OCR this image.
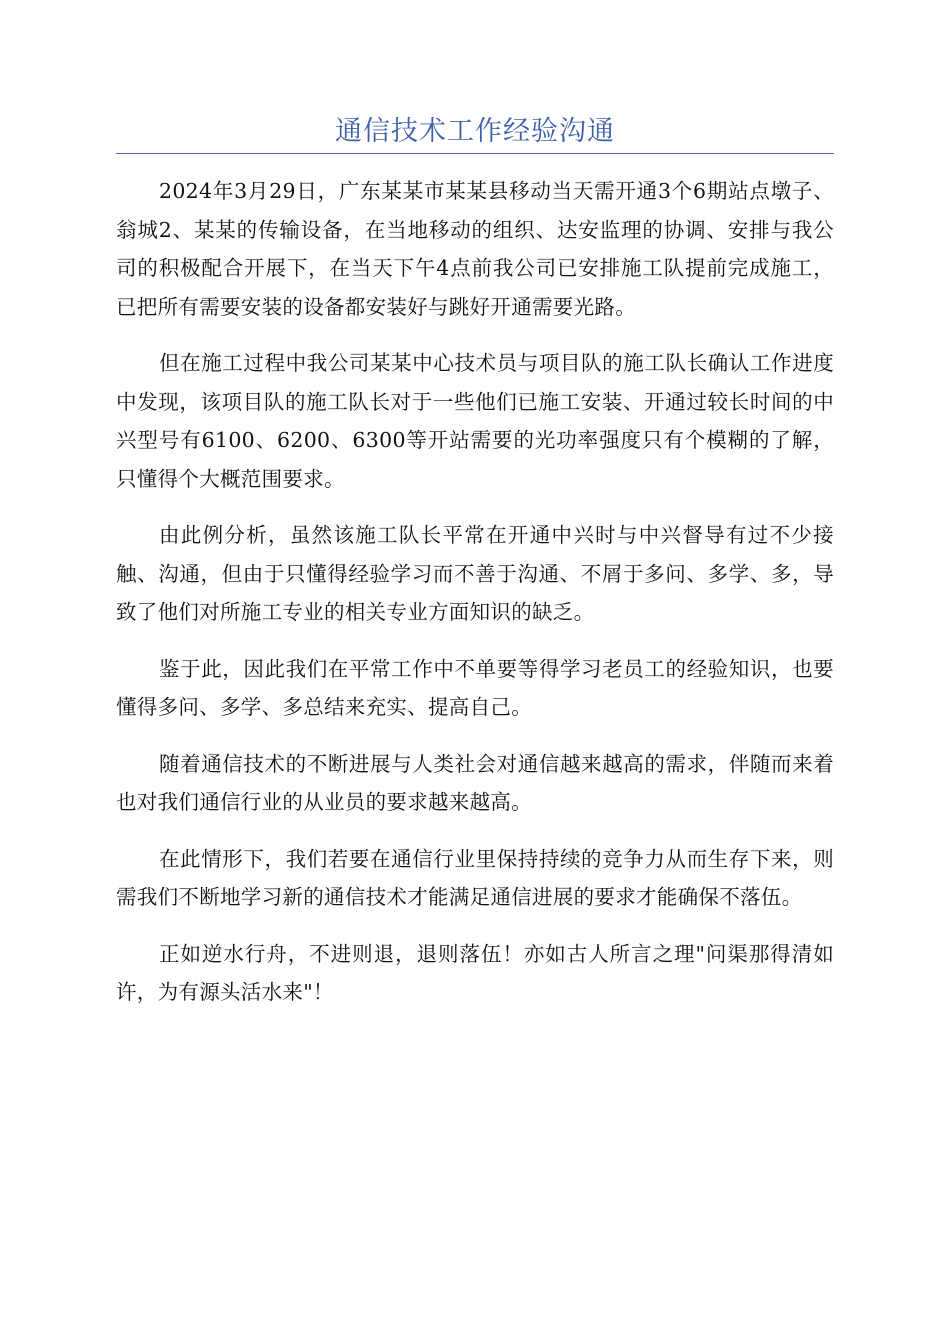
通信技术工作经验沟通

2024年3月29日，广东某某市某某县移动当天需开通3个6期站点墩子、翁城2、某某的传输设备，在当地移动的组织、达安监理的协调、安排与我公司的积极配合开展下，在当天下午4点前我公司已安排施工队提前完成施工，已把所有需要安装的设备都安装好与跳好开通需要光路。

但在施工过程中我公司某某中心技术员与项目队的施工队长确认工作进度中发现，该项目队的施工队长对于一些他们已施工安装、开通过较长时间的中兴型号有6100、6200、6300等开站需要的光功率强度只有个模糊的了解，只懂得个大概范围要求。

由此例分析，虽然该施工队长平常在开通中兴时与中兴督导有过不少接触、沟通，但由于只懂得经验学习而不善于沟通、不屑于多问、多学、多，导致了他们对所施工专业的相关专业方面知识的缺乏。

鉴于此，因此我们在平常工作中不单要等得学习老员工的经验知识，也要懂得多问、多学、多总结来充实、提高自己。

随着通信技术的不断进展与人类社会对通信越来越高的需求，伴随而来着也对我们通信行业的从业员的要求越来越高。

在此情形下，我们若要在通信行业里保持持续的竞争力从而生存下来，则需我们不断地学习新的通信技术才能满足通信进展的要求才能确保不落伍。

正如逆水行舟，不进则退，退则落伍！亦如古人所言之理"问渠那得清如许，为有源头活水来"！
